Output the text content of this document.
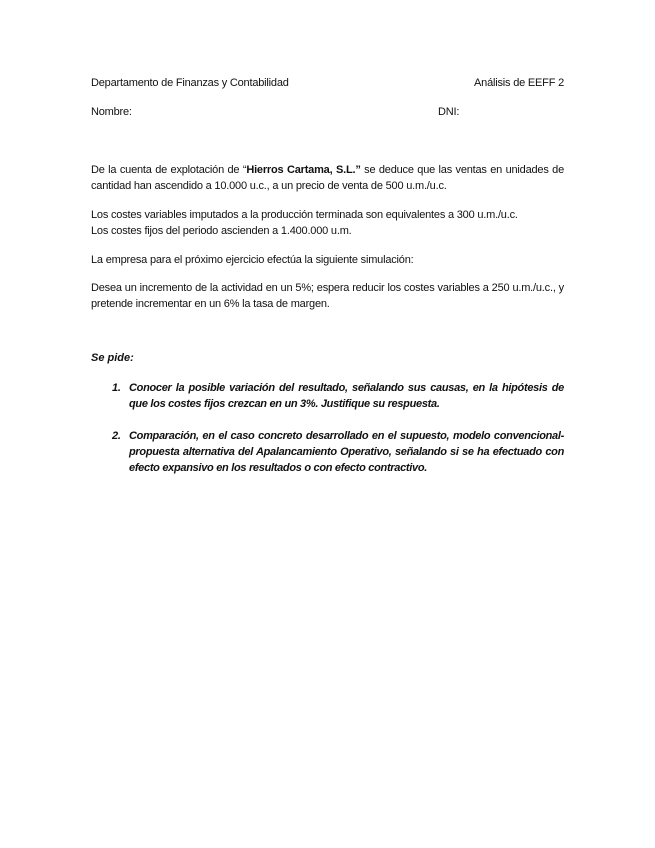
Departamento de Finanzas y Contabilidad	Análisis de EEFF 2
Nombre:	DNI:
De la cuenta de explotación de “Hierros Cartama, S.L.” se deduce que las ventas en unidades de cantidad han ascendido a 10.000 u.c., a un precio de venta de 500 u.m./u.c.
Los costes variables imputados a la producción terminada son equivalentes a 300 u.m./u.c.
Los costes fijos del periodo ascienden a 1.400.000 u.m.
La empresa para el próximo ejercicio efectúa la siguiente simulación:
Desea un incremento de la actividad en un 5%; espera reducir los costes variables a 250 u.m./u.c., y pretende incrementar en un 6% la tasa de margen.
Se pide:
1. Conocer la posible variación del resultado, señalando sus causas, en la hipótesis de que los costes fijos crezcan en un 3%. Justifique su respuesta.
2. Comparación, en el caso concreto desarrollado en el supuesto, modelo convencional-propuesta alternativa del Apalancamiento Operativo, señalando si se ha efectuado con efecto expansivo en los resultados o con efecto contractivo.
